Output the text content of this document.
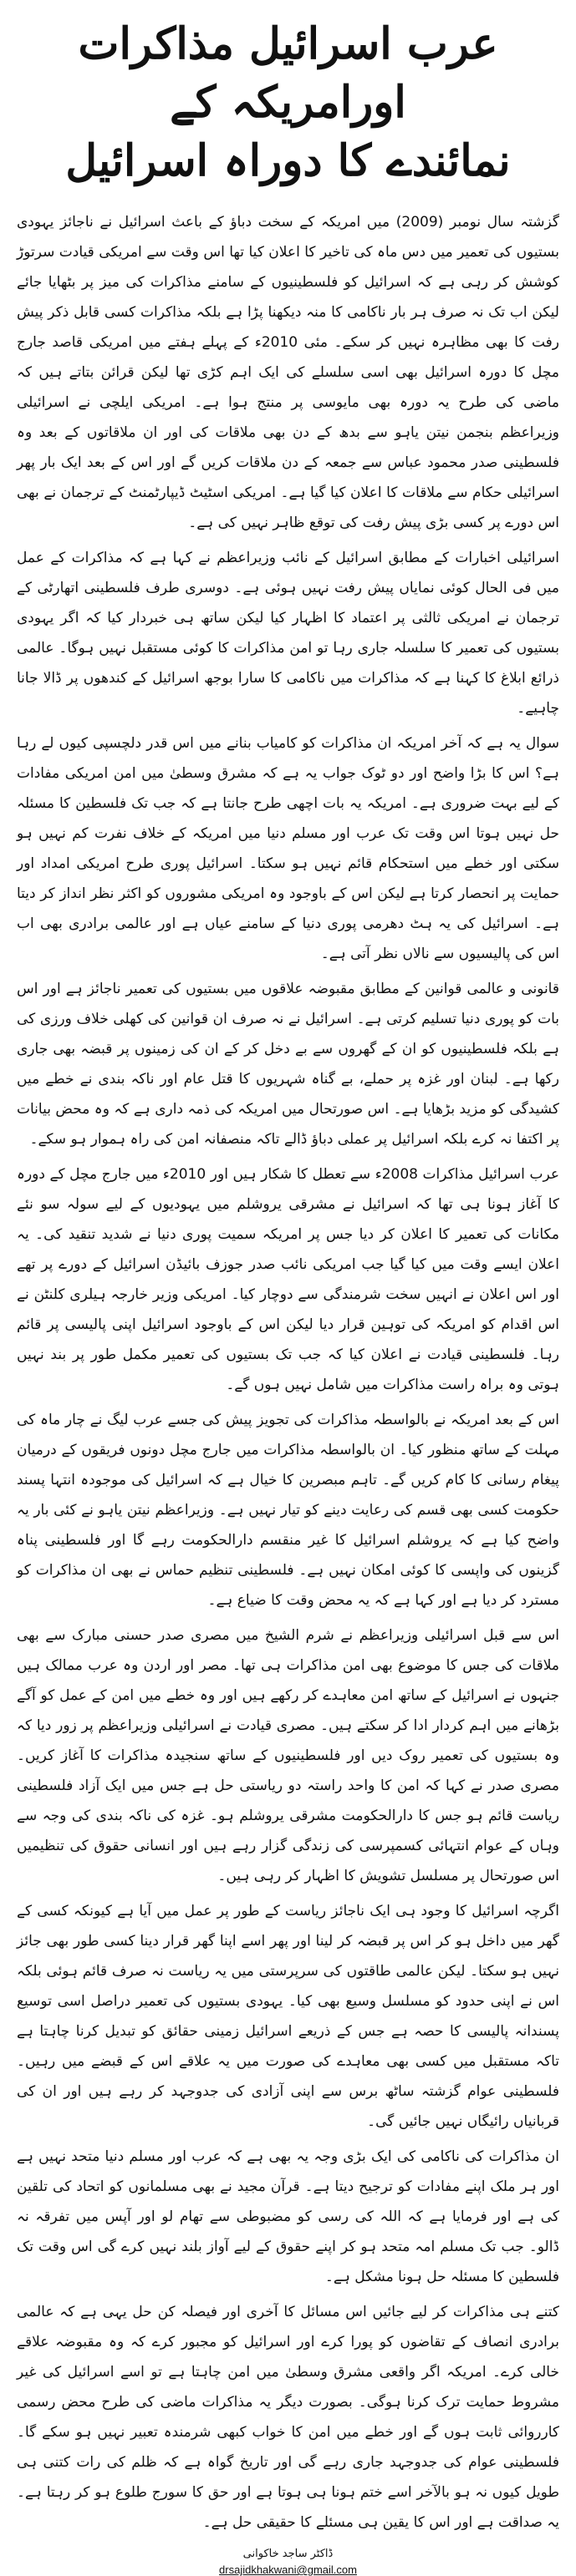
عرب اسرائیل مذاکرات اورامریکہ کے
نمائندے کا دوراہ اسرائیل

گزشتہ سال نومبر (2009) میں امریکہ کے سخت دباؤ کے باعث اسرائیل نے ناجائز یہودی بستیوں کی تعمیر میں دس ماہ کی تاخیر کا اعلان کیا تھا اس وقت سے امریکی قیادت سرتوڑ کوشش کر رہی ہے کہ اسرائیل کو فلسطینیوں کے سامنے مذاکرات کی میز پر بٹھایا جائے لیکن اب تک نہ صرف ہر بار ناکامی کا منہ دیکھنا پڑا ہے بلکہ مذاکرات کسی قابل ذکر پیش رفت کا بھی مظاہرہ نہیں کر سکے۔ مئی 2010ء کے پہلے ہفتے میں امریکی قاصد جارج مچل کا دورہ اسرائیل بھی اسی سلسلے کی ایک اہم کڑی تھا لیکن قرائن بتاتے ہیں کہ ماضی کی طرح یہ دورہ بھی مایوسی پر منتج ہوا ہے۔ امریکی ایلچی نے اسرائیلی وزیراعظم بنجمن نیتن یاہو سے بدھ کے دن بھی ملاقات کی اور ان ملاقاتوں کے بعد وہ فلسطینی صدر محمود عباس سے جمعہ کے دن ملاقات کریں گے اور اس کے بعد ایک بار پھر اسرائیلی حکام سے ملاقات کا اعلان کیا گیا ہے۔ امریکی اسٹیٹ ڈیپارٹمنٹ کے ترجمان نے بھی اس دورے پر کسی بڑی پیش رفت کی توقع ظاہر نہیں کی ہے۔

اسرائیلی اخبارات کے مطابق اسرائیل کے نائب وزیراعظم نے کہا ہے کہ مذاکرات کے عمل میں فی الحال کوئی نمایاں پیش رفت نہیں ہوئی ہے۔ دوسری طرف فلسطینی اتھارٹی کے ترجمان نے امریکی ثالثی پر اعتماد کا اظہار کیا لیکن ساتھ ہی خبردار کیا کہ اگر یہودی بستیوں کی تعمیر کا سلسلہ جاری رہا تو امن مذاکرات کا کوئی مستقبل نہیں ہوگا۔ عالمی ذرائع ابلاغ کا کہنا ہے کہ مذاکرات میں ناکامی کا سارا بوجھ اسرائیل کے کندھوں پر ڈالا جانا چاہیے۔

سوال یہ ہے کہ آخر امریکہ ان مذاکرات کو کامیاب بنانے میں اس قدر دلچسپی کیوں لے رہا ہے؟ اس کا بڑا واضح اور دو ٹوک جواب یہ ہے کہ مشرق وسطیٰ میں امن امریکی مفادات کے لیے بہت ضروری ہے۔ امریکہ یہ بات اچھی طرح جانتا ہے کہ جب تک فلسطین کا مسئلہ حل نہیں ہوتا اس وقت تک عرب اور مسلم دنیا میں امریکہ کے خلاف نفرت کم نہیں ہو سکتی اور خطے میں استحکام قائم نہیں ہو سکتا۔ اسرائیل پوری طرح امریکی امداد اور حمایت پر انحصار کرتا ہے لیکن اس کے باوجود وہ امریکی مشوروں کو اکثر نظر انداز کر دیتا ہے۔ اسرائیل کی یہ ہٹ دھرمی پوری دنیا کے سامنے عیاں ہے اور عالمی برادری بھی اب اس کی پالیسیوں سے نالاں نظر آتی ہے۔

قانونی و عالمی قوانین کے مطابق مقبوضہ علاقوں میں بستیوں کی تعمیر ناجائز ہے اور اس بات کو پوری دنیا تسلیم کرتی ہے۔ اسرائیل نے نہ صرف ان قوانین کی کھلی خلاف ورزی کی ہے بلکہ فلسطینیوں کو ان کے گھروں سے بے دخل کر کے ان کی زمینوں پر قبضہ بھی جاری رکھا ہے۔ لبنان اور غزہ پر حملے، بے گناہ شہریوں کا قتل عام اور ناکہ بندی نے خطے میں کشیدگی کو مزید بڑھایا ہے۔ اس صورتحال میں امریکہ کی ذمہ داری ہے کہ وہ محض بیانات پر اکتفا نہ کرے بلکہ اسرائیل پر عملی دباؤ ڈالے تاکہ منصفانہ امن کی راہ ہموار ہو سکے۔

عرب اسرائیل مذاکرات 2008ء سے تعطل کا شکار ہیں اور 2010ء میں جارج مچل کے دورہ کا آغاز ہونا ہی تھا کہ اسرائیل نے مشرقی یروشلم میں یہودیوں کے لیے سولہ سو نئے مکانات کی تعمیر کا اعلان کر دیا جس پر امریکہ سمیت پوری دنیا نے شدید تنقید کی۔ یہ اعلان ایسے وقت میں کیا گیا جب امریکی نائب صدر جوزف بائیڈن اسرائیل کے دورے پر تھے اور اس اعلان نے انہیں سخت شرمندگی سے دوچار کیا۔ امریکی وزیر خارجہ ہیلری کلنٹن نے اس اقدام کو امریکہ کی توہین قرار دیا لیکن اس کے باوجود اسرائیل اپنی پالیسی پر قائم رہا۔ فلسطینی قیادت نے اعلان کیا کہ جب تک بستیوں کی تعمیر مکمل طور پر بند نہیں ہوتی وہ براہ راست مذاکرات میں شامل نہیں ہوں گے۔

اس کے بعد امریکہ نے بالواسطہ مذاکرات کی تجویز پیش کی جسے عرب لیگ نے چار ماہ کی مہلت کے ساتھ منظور کیا۔ ان بالواسطہ مذاکرات میں جارج مچل دونوں فریقوں کے درمیان پیغام رسانی کا کام کریں گے۔ تاہم مبصرین کا خیال ہے کہ اسرائیل کی موجودہ انتہا پسند حکومت کسی بھی قسم کی رعایت دینے کو تیار نہیں ہے۔ وزیراعظم نیتن یاہو نے کئی بار یہ واضح کیا ہے کہ یروشلم اسرائیل کا غیر منقسم دارالحکومت رہے گا اور فلسطینی پناہ گزینوں کی واپسی کا کوئی امکان نہیں ہے۔ فلسطینی تنظیم حماس نے بھی ان مذاکرات کو مسترد کر دیا ہے اور کہا ہے کہ یہ محض وقت کا ضیاع ہے۔

اس سے قبل اسرائیلی وزیراعظم نے شرم الشیخ میں مصری صدر حسنی مبارک سے بھی ملاقات کی جس کا موضوع بھی امن مذاکرات ہی تھا۔ مصر اور اردن وہ عرب ممالک ہیں جنہوں نے اسرائیل کے ساتھ امن معاہدے کر رکھے ہیں اور وہ خطے میں امن کے عمل کو آگے بڑھانے میں اہم کردار ادا کر سکتے ہیں۔ مصری قیادت نے اسرائیلی وزیراعظم پر زور دیا کہ وہ بستیوں کی تعمیر روک دیں اور فلسطینیوں کے ساتھ سنجیدہ مذاکرات کا آغاز کریں۔ مصری صدر نے کہا کہ امن کا واحد راستہ دو ریاستی حل ہے جس میں ایک آزاد فلسطینی ریاست قائم ہو جس کا دارالحکومت مشرقی یروشلم ہو۔ غزہ کی ناکہ بندی کی وجہ سے وہاں کے عوام انتہائی کسمپرسی کی زندگی گزار رہے ہیں اور انسانی حقوق کی تنظیمیں اس صورتحال پر مسلسل تشویش کا اظہار کر رہی ہیں۔

اگرچہ اسرائیل کا وجود ہی ایک ناجائز ریاست کے طور پر عمل میں آیا ہے کیونکہ کسی کے گھر میں داخل ہو کر اس پر قبضہ کر لینا اور پھر اسے اپنا گھر قرار دینا کسی طور بھی جائز نہیں ہو سکتا۔ لیکن عالمی طاقتوں کی سرپرستی میں یہ ریاست نہ صرف قائم ہوئی بلکہ اس نے اپنی حدود کو مسلسل وسیع بھی کیا۔ یہودی بستیوں کی تعمیر دراصل اسی توسیع پسندانہ پالیسی کا حصہ ہے جس کے ذریعے اسرائیل زمینی حقائق کو تبدیل کرنا چاہتا ہے تاکہ مستقبل میں کسی بھی معاہدے کی صورت میں یہ علاقے اس کے قبضے میں رہیں۔ فلسطینی عوام گزشتہ ساٹھ برس سے اپنی آزادی کی جدوجہد کر رہے ہیں اور ان کی قربانیاں رائیگاں نہیں جائیں گی۔

ان مذاکرات کی ناکامی کی ایک بڑی وجہ یہ بھی ہے کہ عرب اور مسلم دنیا متحد نہیں ہے اور ہر ملک اپنے مفادات کو ترجیح دیتا ہے۔ قرآن مجید نے بھی مسلمانوں کو اتحاد کی تلقین کی ہے اور فرمایا ہے کہ اللہ کی رسی کو مضبوطی سے تھام لو اور آپس میں تفرقہ نہ ڈالو۔ جب تک مسلم امہ متحد ہو کر اپنے حقوق کے لیے آواز بلند نہیں کرے گی اس وقت تک فلسطین کا مسئلہ حل ہونا مشکل ہے۔

کتنے ہی مذاکرات کر لیے جائیں اس مسائل کا آخری اور فیصلہ کن حل یہی ہے کہ عالمی برادری انصاف کے تقاضوں کو پورا کرے اور اسرائیل کو مجبور کرے کہ وہ مقبوضہ علاقے خالی کرے۔ امریکہ اگر واقعی مشرق وسطیٰ میں امن چاہتا ہے تو اسے اسرائیل کی غیر مشروط حمایت ترک کرنا ہوگی۔ بصورت دیگر یہ مذاکرات ماضی کی طرح محض رسمی کارروائی ثابت ہوں گے اور خطے میں امن کا خواب کبھی شرمندہ تعبیر نہیں ہو سکے گا۔ فلسطینی عوام کی جدوجہد جاری رہے گی اور تاریخ گواہ ہے کہ ظلم کی رات کتنی ہی طویل کیوں نہ ہو بالآخر اسے ختم ہونا ہی ہوتا ہے اور حق کا سورج طلوع ہو کر رہتا ہے۔ یہ صداقت ہے اور اس کا یقین ہی مسئلے کا حقیقی حل ہے۔

ڈاکٹر ساجد خاکوانی
drsajidkhakwani@gmail.com
